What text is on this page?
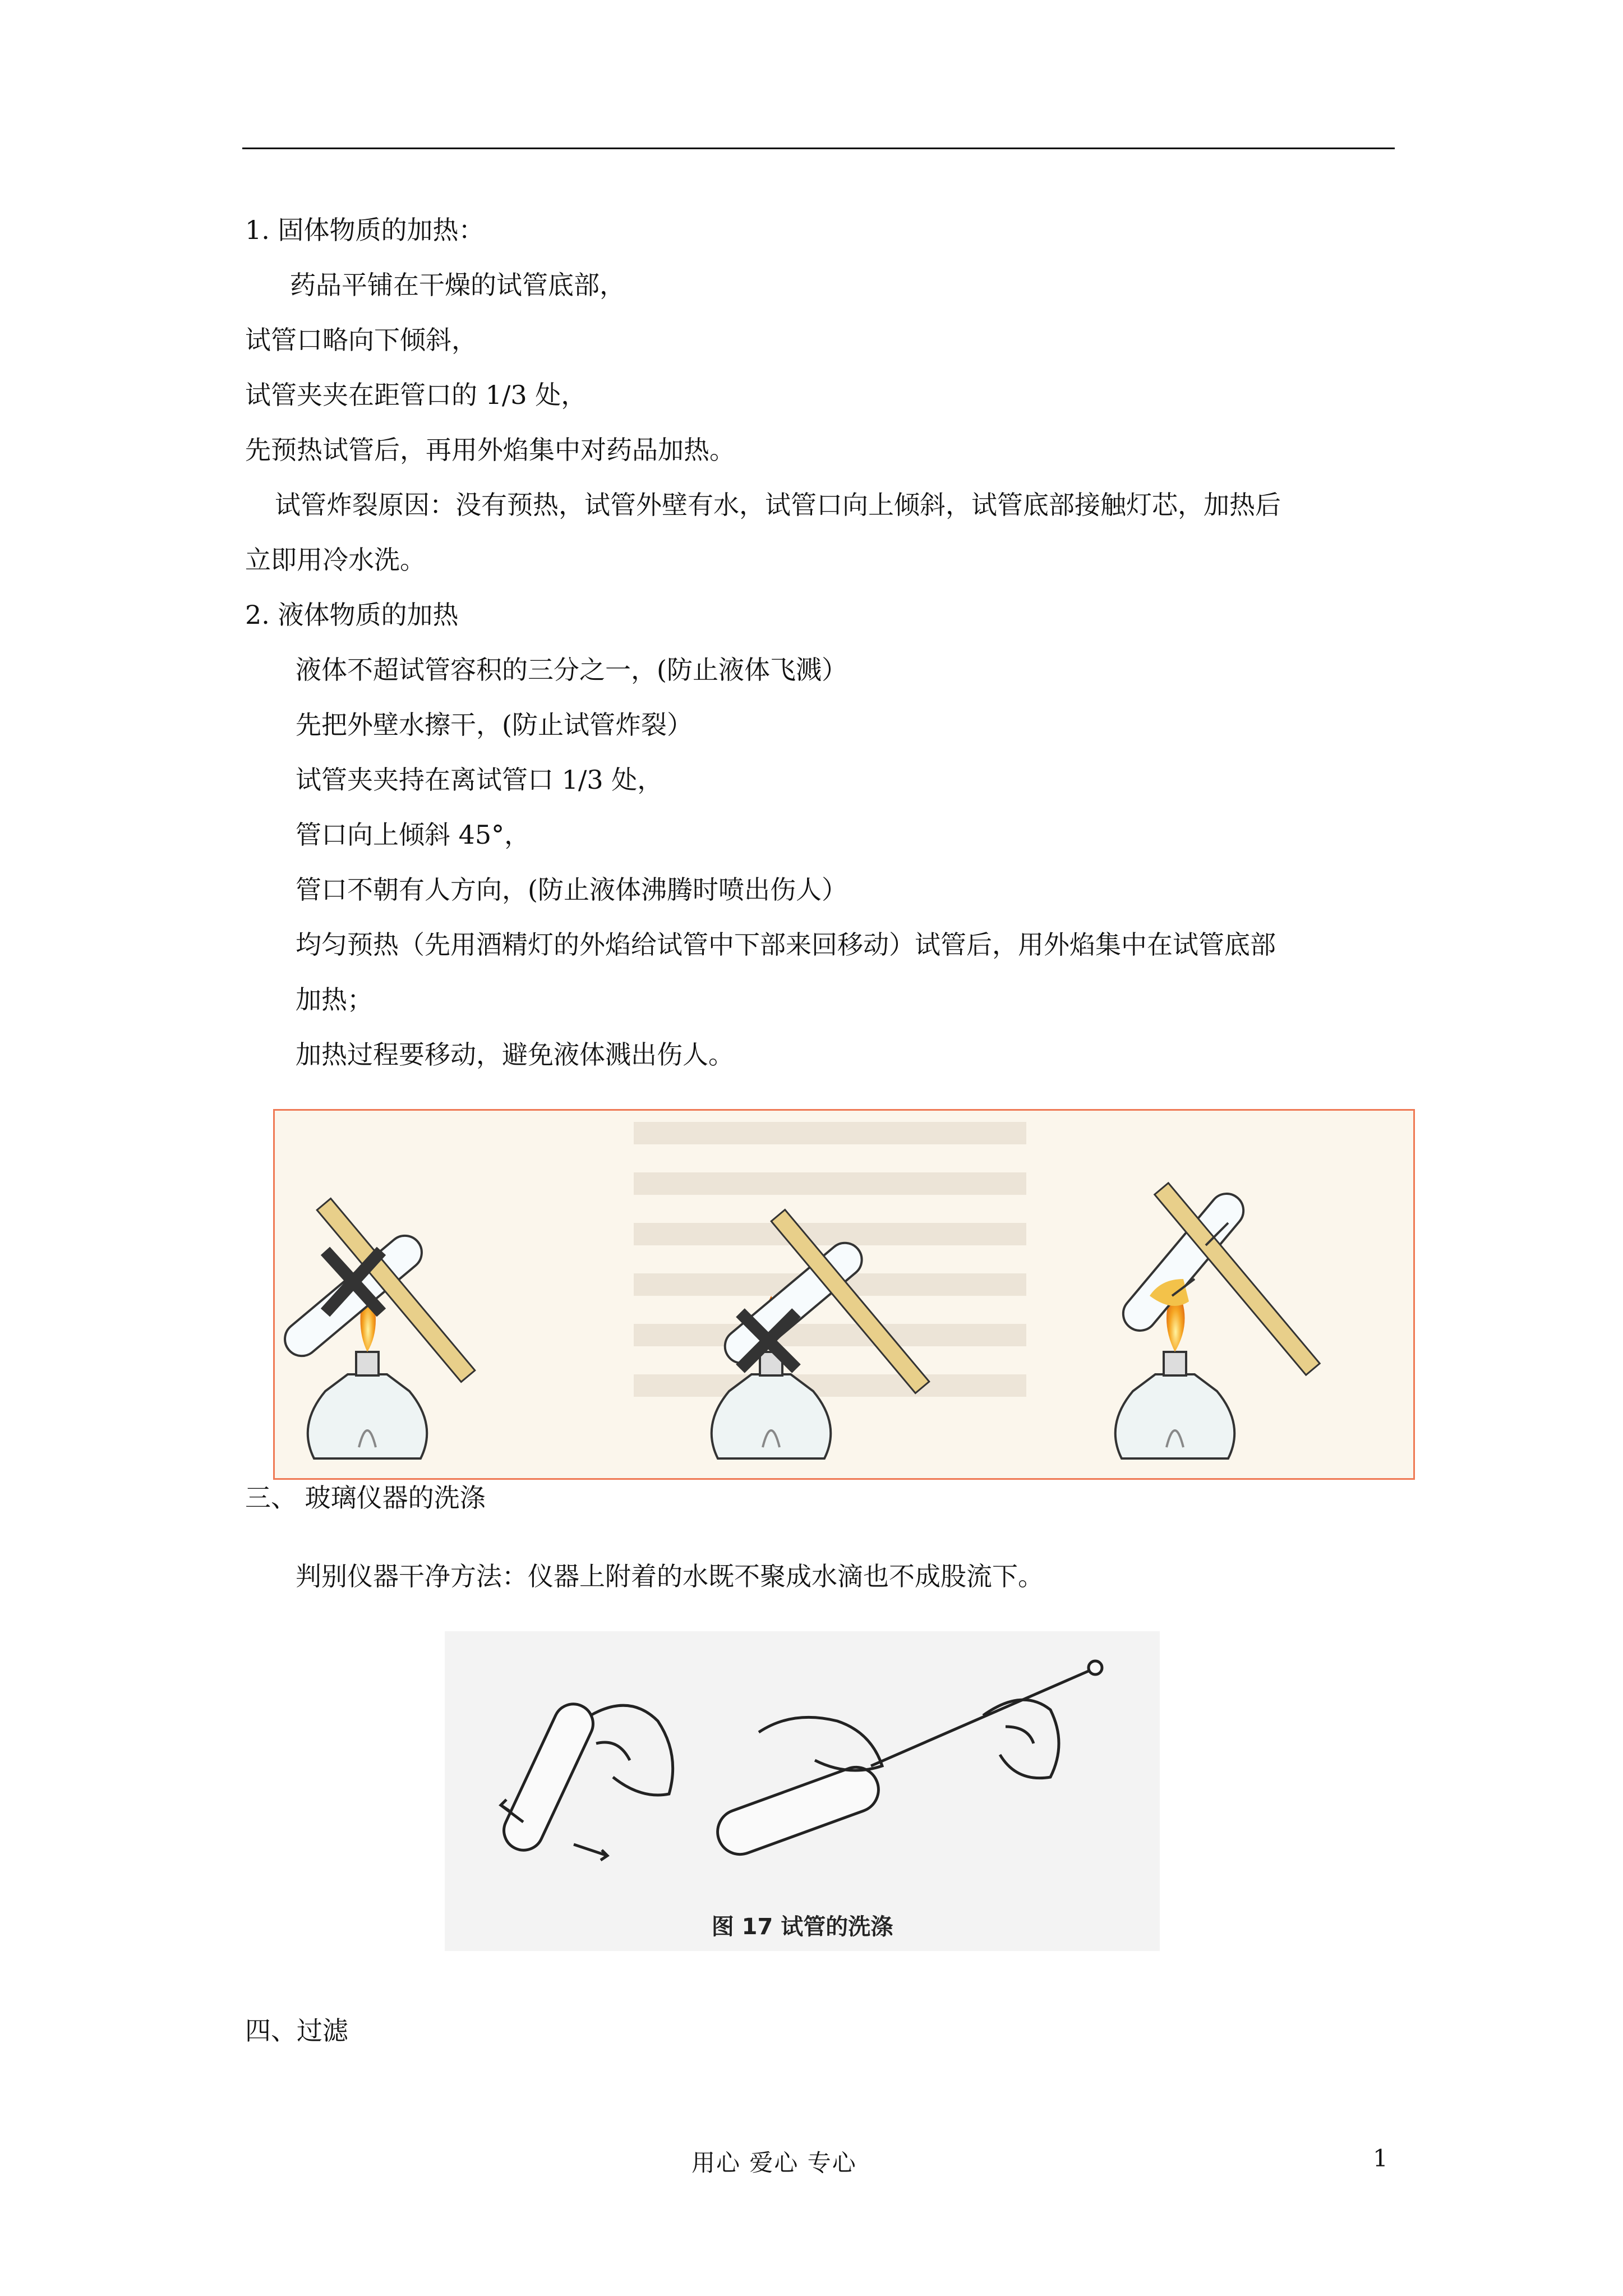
1. 固体物质的加热：
药品平铺在干燥的试管底部，
试管口略向下倾斜，
试管夹夹在距管口的 1/3 处，
先预热试管后，再用外焰集中对药品加热。
试管炸裂原因：没有预热，试管外壁有水，试管口向上倾斜，试管底部接触灯芯，加热后
立即用冷水洗。
2. 液体物质的加热
液体不超试管容积的三分之一，(防止液体飞溅）
先把外壁水擦干，(防止试管炸裂）
试管夹夹持在离试管口 1/3 处，
管口向上倾斜 45°，
管口不朝有人方向，(防止液体沸腾时喷出伤人）
均匀预热（先用酒精灯的外焰给试管中下部来回移动）试管后，用外焰集中在试管底部
加热；
加热过程要移动，避免液体溅出伤人。
三、 玻璃仪器的洗涤
判别仪器干净方法：仪器上附着的水既不聚成水滴也不成股流下。
图 17 试管的洗涤
四、过滤
用心 爱心 专心	1
